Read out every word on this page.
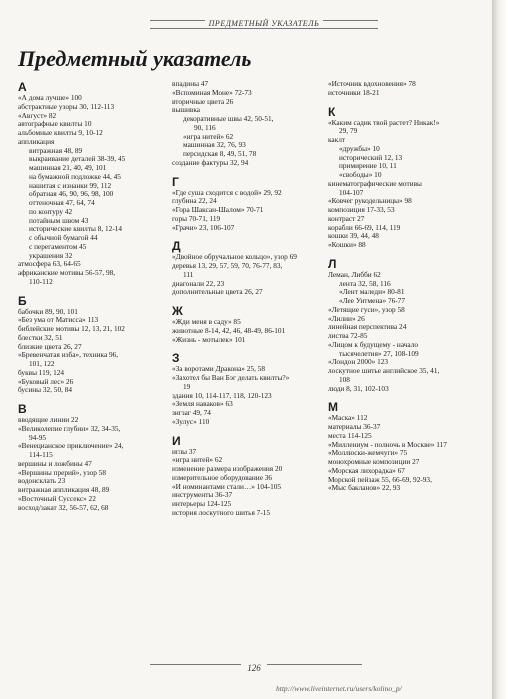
ПРЕДМЕТНЫЙ УКАЗАТЕЛЬ
Предметный указатель
А
«А дома лучше» 100
абстрактные узоры 30, 112-113
«Август» 82
автографные квилты 10
альбомные квилты 9, 10-12
аппликация
витражная 48, 89
выкраивание деталей 38-39, 45
машинная 21, 40, 49, 101
на бумажной подложке 44, 45
нашитая с изнанки 99, 112
обратная 46, 90, 96, 98, 100
оттеночная 47, 64, 74
по контуру 42
потайным швом 43
исторические квилты 8, 12-14
с обычной бумагой 44
с перегаментом 45
украшения 32
атмосфера 63, 64-65
африканские мотивы 56-57, 98,
110-112
Б
бабочки 89, 90, 101
«Без ума от Матисса» 113
библейские мотивы 12, 13, 21, 102
блестки 32, 51
близкие цвета 26, 27
«Бревенчатая изба», техника 96,
101, 122
буквы 119, 124
«Буковый лес» 26
бусины 32, 50, 84
В
вводящие линии 22
«Великолепие глубин» 32, 34-35,
94-95
«Венецианское приключение» 24,
114-115
вершины и ложбины 47
«Вершины прерий», узор 58
водонсклать 23
витражная аппликация 48, 89
«Восточный Суссекс» 22
восход/закат 32, 56-57, 62, 68
впадины 47
«Вспоминая Моне» 72-73
вторичные цвета 26
вышивка
декоративные швы 42, 50-51,
90, 116
«игра нитей» 62
машинная 32, 76, 93
персидская 8, 49, 51, 78
создание фактуры 32, 94
Г
«Где суша сходится с водой» 29, 92
глубина 22, 24
«Гора Шаксан-Шалом» 70-71
горы 70-71, 119
«Грачи» 23, 106-107
Д
«Двойное обручальное кольцо», узор 69
деревья 13, 29, 57, 59, 70, 76-77, 83,
111
диагонали 22, 23
дополнительные цвета 26, 27
Ж
«Жди меня в саду» 85
животные 8-14, 42, 46, 48-49, 86-101
«Жизнь - мотылек» 101
З
«За воротами Дракона» 25, 58
«Захотел бы Ван Бэг делать квилты?»
19
здания 10, 114-117, 118, 120-123
«Земля наваков» 63
зигзаг 49, 74
«Зулус» 110
И
иглы 37
«игра нитей» 62
изменение размера изображения 20
измерительное оборудование 36
«И номинантами стали…» 104-105
инструменты 36-37
интерьеры 124-125
история лоскутного шитья 7-15
«Источник вдохновения» 78
источники 18-21
К
«Каким садик твой растет? Никак!»
29, 79
каклт
«дружбы» 10
исторический 12, 13
примирение 10, 11
«свободы» 10
кинематографические мотивы
104-107
«Ковчег рукодельницы» 98
композиция 17-33, 53
контраст 27
корабли 66-69, 114, 119
кошки 39, 44, 48
«Кошки» 88
Л
Леман, Либби 62
лента 32, 58, 116
«Лент маледи» 80-81
«Лее Уитмена» 76-77
«Летящие гуси», узор 58
«Лилии» 26
линейная перспектива 24
листва 72-85
«Лицом к будущему - начало
тысячелетия» 27, 108-109
«Лондон 2000» 123
лоскутное шитье английское 35, 41,
108
люди 8, 31, 102-103
М
«Маска» 112
материалы 36-37
места 114-125
«Миллениум - полночь в Москве» 117
«Моллюски-жемчуги» 75
монохромные композиции 27
«Морская лихорадка» 67
Морской пейзаж 55, 66-69, 92-93,
«Мыс бакланов» 22, 93
126
http://www.liveinternet.ru/users/kolino_p/
